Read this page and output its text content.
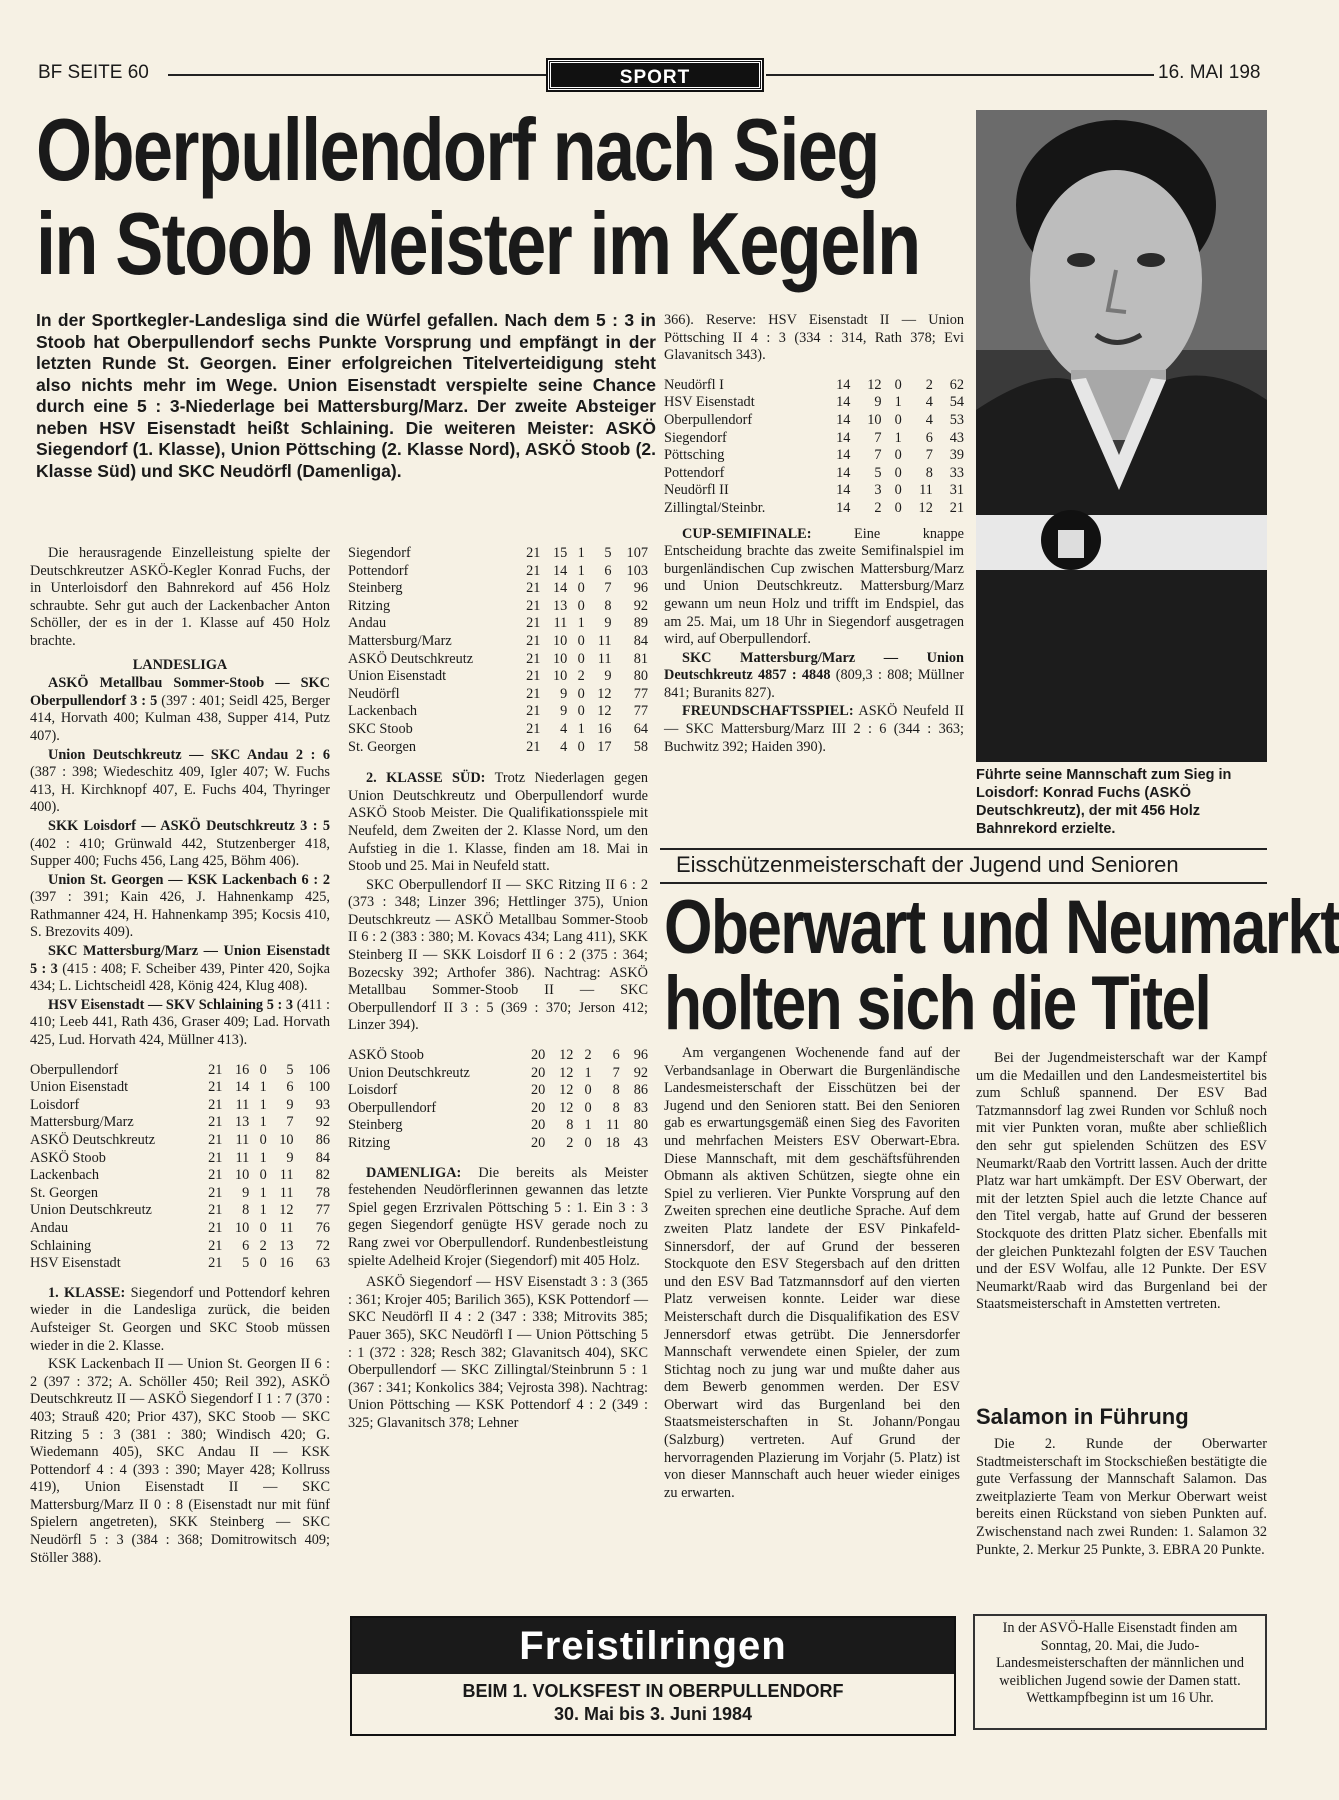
BF SEITE 60	SPORT	16. MAI 198
Oberpullendorf nach Sieg
in Stoob Meister im Kegeln
In der Sportkegler-Landesliga sind die Würfel gefallen. Nach dem 5 : 3 in Stoob hat Oberpullendorf sechs Punkte Vorsprung und empfängt in der letzten Runde St. Georgen. Einer erfolgreichen Titelverteidigung steht also nichts mehr im Wege. Union Eisenstadt verspielte seine Chance durch eine 5 : 3-Niederlage bei Mattersburg/Marz. Der zweite Absteiger neben HSV Eisenstadt heißt Schlaining. Die weiteren Meister: ASKÖ Siegendorf (1. Klasse), Union Pöttsching (2. Klasse Nord), ASKÖ Stoob (2. Klasse Süd) und SKC Neudörfl (Damenliga).

Die herausragende Einzelleistung spielte der Deutschkreutzer ASKÖ-Kegler Konrad Fuchs, der in Unterloisdorf den Bahnrekord auf 456 Holz schraubte. Sehr gut auch der Lackenbacher Anton Schöller, der es in der 1. Klasse auf 450 Holz brachte.

LANDESLIGA

ASKÖ Metallbau Sommer-Stoob — SKC Oberpullendorf 3 : 5 (397 : 401; Seidl 425, Berger 414, Horvath 400; Kulman 438, Supper 414, Putz 407).

Union Deutschkreutz — SKC Andau 2 : 6 (387 : 398; Wiedeschitz 409, Igler 407; W. Fuchs 413, H. Kirchknopf 407, E. Fuchs 404, Thyringer 400).

SKK Loisdorf — ASKÖ Deutschkreutz 3 : 5 (402 : 410; Grünwald 442, Stutzenberger 418, Supper 400; Fuchs 456, Lang 425, Böhm 406).

Union St. Georgen — KSK Lackenbach 6 : 2 (397 : 391; Kain 426, J. Hahnenkamp 425, Rathmanner 424, H. Hahnenkamp 395; Kocsis 410, S. Brezovits 409).

SKC Mattersburg/Marz — Union Eisenstadt 5 : 3 (415 : 408; F. Scheiber 439, Pinter 420, Sojka 434; L. Lichtscheidl 428, König 424, Klug 408).

HSV Eisenstadt — SKV Schlaining 5 : 3 (411 : 410; Leeb 441, Rath 436, Graser 409; Lad. Horvath 425, Lud. Horvath 424, Müllner 413).

Oberpullendorf	21	16	0	5	106
Union Eisenstadt	21	14	1	6	100
Loisdorf	21	11	1	9	93
Mattersburg/Marz	21	13	1	7	92
ASKÖ Deutschkreutz	21	11	0	10	86
ASKÖ Stoob	21	11	1	9	84
Lackenbach	21	10	0	11	82
St. Georgen	21	9	1	11	78
Union Deutschkreutz	21	8	1	12	77
Andau	21	10	0	11	76
Schlaining	21	6	2	13	72
HSV Eisenstadt	21	5	0	16	63

1. KLASSE: Siegendorf und Pottendorf kehren wieder in die Landesliga zurück, die beiden Aufsteiger St. Georgen und SKC Stoob müssen wieder in die 2. Klasse.

KSK Lackenbach II — Union St. Georgen II 6 : 2 (397 : 372; A. Schöller 450; Reil 392), ASKÖ Deutschkreutz II — ASKÖ Siegendorf I 1 : 7 (370 : 403; Strauß 420; Prior 437), SKC Stoob — SKC Ritzing 5 : 3 (381 : 380; Windisch 420; G. Wiedemann 405), SKC Andau II — KSK Pottendorf 4 : 4 (393 : 390; Mayer 428; Kollruss 419), Union Eisenstadt II — SKC Mattersburg/Marz II 0 : 8 (Eisenstadt nur mit fünf Spielern angetreten), SKK Steinberg — SKC Neudörfl 5 : 3 (384 : 368; Domitrowitsch 409; Stöller 388).

Siegendorf	21	15	1	5	107
Pottendorf	21	14	1	6	103
Steinberg	21	14	0	7	96
Ritzing	21	13	0	8	92
Andau	21	11	1	9	89
Mattersburg/Marz	21	10	0	11	84
ASKÖ Deutschkreutz	21	10	0	11	81
Union Eisenstadt	21	10	2	9	80
Neudörfl	21	9	0	12	77
Lackenbach	21	9	0	12	77
SKC Stoob	21	4	1	16	64
St. Georgen	21	4	0	17	58

2. KLASSE SÜD: Trotz Niederlagen gegen Union Deutschkreutz und Oberpullendorf wurde ASKÖ Stoob Meister. Die Qualifikationsspiele mit Neufeld, dem Zweiten der 2. Klasse Nord, um den Aufstieg in die 1. Klasse, finden am 18. Mai in Stoob und 25. Mai in Neufeld statt.

SKC Oberpullendorf II — SKC Ritzing II 6 : 2 (373 : 348; Linzer 396; Hettlinger 375), Union Deutschkreutz — ASKÖ Metallbau Sommer-Stoob II 6 : 2 (383 : 380; M. Kovacs 434; Lang 411), SKK Steinberg II — SKK Loisdorf II 6 : 2 (375 : 364; Bozecsky 392; Arthofer 386). Nachtrag: ASKÖ Metallbau Sommer-Stoob II — SKC Oberpullendorf II 3 : 5 (369 : 370; Jerson 412; Linzer 394).

ASKÖ Stoob	20	12	2	6	96
Union Deutschkreutz	20	12	1	7	92
Loisdorf	20	12	0	8	86
Oberpullendorf	20	12	0	8	83
Steinberg	20	8	1	11	80
Ritzing	20	2	0	18	43

DAMENLIGA: Die bereits als Meister festehenden Neudörflerinnen gewannen das letzte Spiel gegen Erzrivalen Pöttsching 5 : 1. Ein 3 : 3 gegen Siegendorf genügte HSV gerade noch zu Rang zwei vor Oberpullendorf. Rundenbestleistung spielte Adelheid Krojer (Siegendorf) mit 405 Holz.

ASKÖ Siegendorf — HSV Eisenstadt 3 : 3 (365 : 361; Krojer 405; Barilich 365), KSK Pottendorf — SKC Neudörfl II 4 : 2 (347 : 338; Mitrovits 385; Pauer 365), SKC Neudörfl I — Union Pöttsching 5 : 1 (372 : 328; Resch 382; Glavanitsch 404), SKC Oberpullendorf — SKC Zillingtal/Steinbrunn 5 : 1 (367 : 341; Konkolics 384; Vejrosta 398). Nachtrag: Union Pöttsching — KSK Pottendorf 4 : 2 (349 : 325; Glavanitsch 378; Lehner

366). Reserve: HSV Eisenstadt II — Union Pöttsching II 4 : 3 (334 : 314, Rath 378; Evi Glavanitsch 343).

Neudörfl I	14	12	0	2	62
HSV Eisenstadt	14	9	1	4	54
Oberpullendorf	14	10	0	4	53
Siegendorf	14	7	1	6	43
Pöttsching	14	7	0	7	39
Pottendorf	14	5	0	8	33
Neudörfl II	14	3	0	11	31
Zillingtal/Steinbr.	14	2	0	12	21

CUP-SEMIFINALE: Eine knappe Entscheidung brachte das zweite Semifinalspiel im burgenländischen Cup zwischen Mattersburg/Marz und Union Deutschkreutz. Mattersburg/Marz gewann um neun Holz und trifft im Endspiel, das am 25. Mai, um 18 Uhr in Siegendorf ausgetragen wird, auf Oberpullendorf.

SKC Mattersburg/Marz — Union Deutschkreutz 4857 : 4848 (809,3 : 808; Müllner 841; Buranits 827).

FREUNDSCHAFTSSPIEL: ASKÖ Neufeld II — SKC Mattersburg/Marz III 2 : 6 (344 : 363; Buchwitz 392; Haiden 390).

Führte seine Mannschaft zum Sieg in Loisdorf: Konrad Fuchs (ASKÖ Deutschkreutz), der mit 456 Holz Bahnrekord erzielte.
Eisschützenmeisterschaft der Jugend und Senioren
Oberwart und Neumarkt
holten sich die Titel
Am vergangenen Wochenende fand auf der Verbandsanlage in Oberwart die Burgenländische Landesmeisterschaft der Eisschützen bei der Jugend und den Senioren statt. Bei den Senioren gab es erwartungsgemäß einen Sieg des Favoriten und mehrfachen Meisters ESV Oberwart-Ebra. Diese Mannschaft, mit dem geschäftsführenden Obmann als aktiven Schützen, siegte ohne ein Spiel zu verlieren. Vier Punkte Vorsprung auf den Zweiten sprechen eine deutliche Sprache. Auf dem zweiten Platz landete der ESV Pinkafeld-Sinnersdorf, der auf Grund der besseren Stockquote den ESV Stegersbach auf den dritten und den ESV Bad Tatzmannsdorf auf den vierten Platz verweisen konnte. Leider war diese Meisterschaft durch die Disqualifikation des ESV Jennersdorf etwas getrübt. Die Jennersdorfer Mannschaft verwendete einen Spieler, der zum Stichtag noch zu jung war und mußte daher aus dem Bewerb genommen werden. Der ESV Oberwart wird das Burgenland bei den Staatsmeisterschaften in St. Johann/Pongau (Salzburg) vertreten. Auf Grund der hervorragenden Plazierung im Vorjahr (5. Platz) ist von dieser Mannschaft auch heuer wieder einiges zu erwarten.
Bei der Jugendmeisterschaft war der Kampf um die Medaillen und den Landesmeistertitel bis zum Schluß spannend. Der ESV Bad Tatzmannsdorf lag zwei Runden vor Schluß noch mit vier Punkten voran, mußte aber schließlich den sehr gut spielenden Schützen des ESV Neumarkt/Raab den Vortritt lassen. Auch der dritte Platz war hart umkämpft. Der ESV Oberwart, der mit der letzten Spiel auch die letzte Chance auf den Titel vergab, hatte auf Grund der besseren Stockquote des dritten Platz sicher. Ebenfalls mit der gleichen Punktezahl folgten der ESV Tauchen und der ESV Wolfau, alle 12 Punkte. Der ESV Neumarkt/Raab wird das Burgenland bei der Staatsmeisterschaft in Amstetten vertreten.
Salamon in Führung
Die 2. Runde der Oberwarter Stadtmeisterschaft im Stockschießen bestätigte die gute Verfassung der Mannschaft Salamon. Das zweitplazierte Team von Merkur Oberwart weist bereits einen Rückstand von sieben Punkten auf. Zwischenstand nach zwei Runden: 1. Salamon 32 Punkte, 2. Merkur 25 Punkte, 3. EBRA 20 Punkte.
Freistilringen
BEIM 1. VOLKSFEST IN OBERPULLENDORF
30. Mai bis 3. Juni 1984
In der ASVÖ-Halle Eisenstadt finden am Sonntag, 20. Mai, die Judo-Landesmeisterschaften der männlichen und weiblichen Jugend sowie der Damen statt. Wettkampfbeginn ist um 16 Uhr.
